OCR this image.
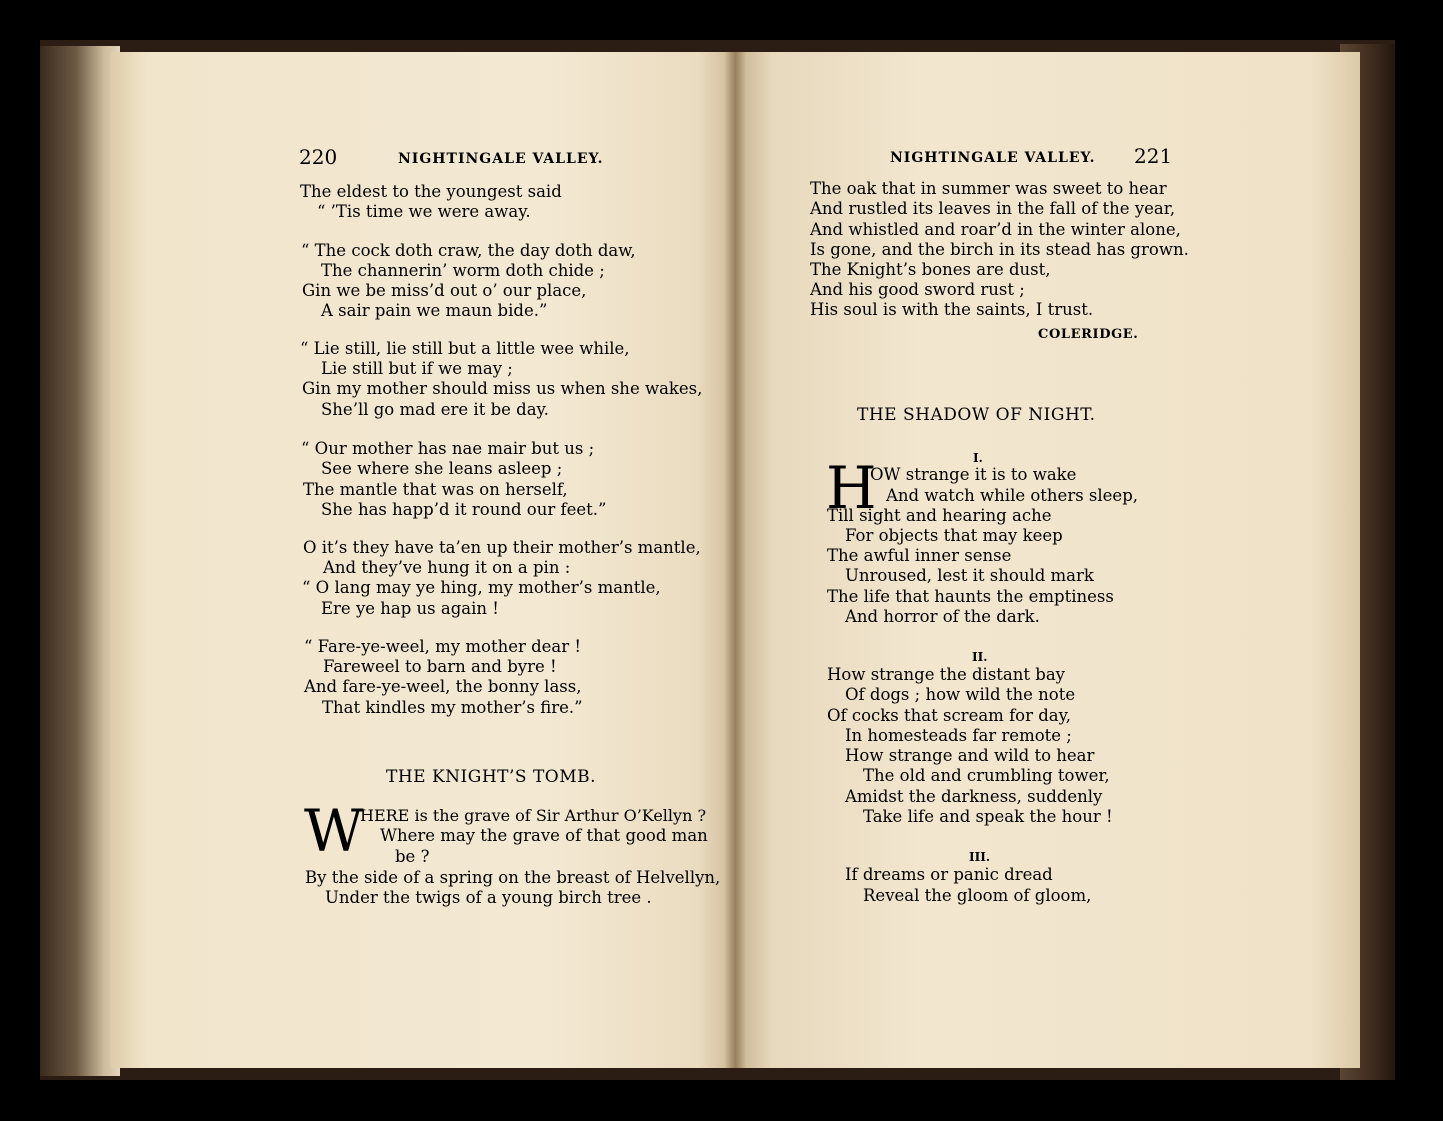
220	NIGHTINGALE VALLEY.
The eldest to the youngest said
“ ’Tis time we were away.
“ The cock doth craw, the day doth daw,
The channerin’ worm doth chide ;
Gin we be miss’d out o’ our place,
A sair pain we maun bide.”
“ Lie still, lie still but a little wee while,
Lie still but if we may ;
Gin my mother should miss us when she wakes,
She’ll go mad ere it be day.
“ Our mother has nae mair but us ;
See where she leans asleep ;
The mantle that was on herself,
She has happ’d it round our feet.”
O it’s they have ta’en up their mother’s mantle,
And they’ve hung it on a pin :
“ O lang may ye hing, my mother’s mantle,
Ere ye hap us again !
“ Fare-ye-weel, my mother dear !
Fareweel to barn and byre !
And fare-ye-weel, the bonny lass,
That kindles my mother’s fire.”
THE KNIGHT’S TOMB.
W
HERE is the grave of Sir Arthur O’Kellyn ?
Where may the grave of that good man
be ?
By the side of a spring on the breast of Helvellyn,
Under the twigs of a young birch tree .
NIGHTINGALE VALLEY. 221
The oak that in summer was sweet to hear
And rustled its leaves in the fall of the year,
And whistled and roar’d in the winter alone,
Is gone, and the birch in its stead has grown.
The Knight’s bones are dust,
And his good sword rust ;
His soul is with the saints, I trust.
COLERIDGE.
THE SHADOW OF NIGHT.
I.
H
OW strange it is to wake
And watch while others sleep,
Till sight and hearing ache
For objects that may keep
The awful inner sense
Unroused, lest it should mark
The life that haunts the emptiness
And horror of the dark.
II.
How strange the distant bay
Of dogs ; how wild the note
Of cocks that scream for day,
In homesteads far remote ;
How strange and wild to hear
The old and crumbling tower,
Amidst the darkness, suddenly
Take life and speak the hour !
III.
If dreams or panic dread
Reveal the gloom of gloom,
